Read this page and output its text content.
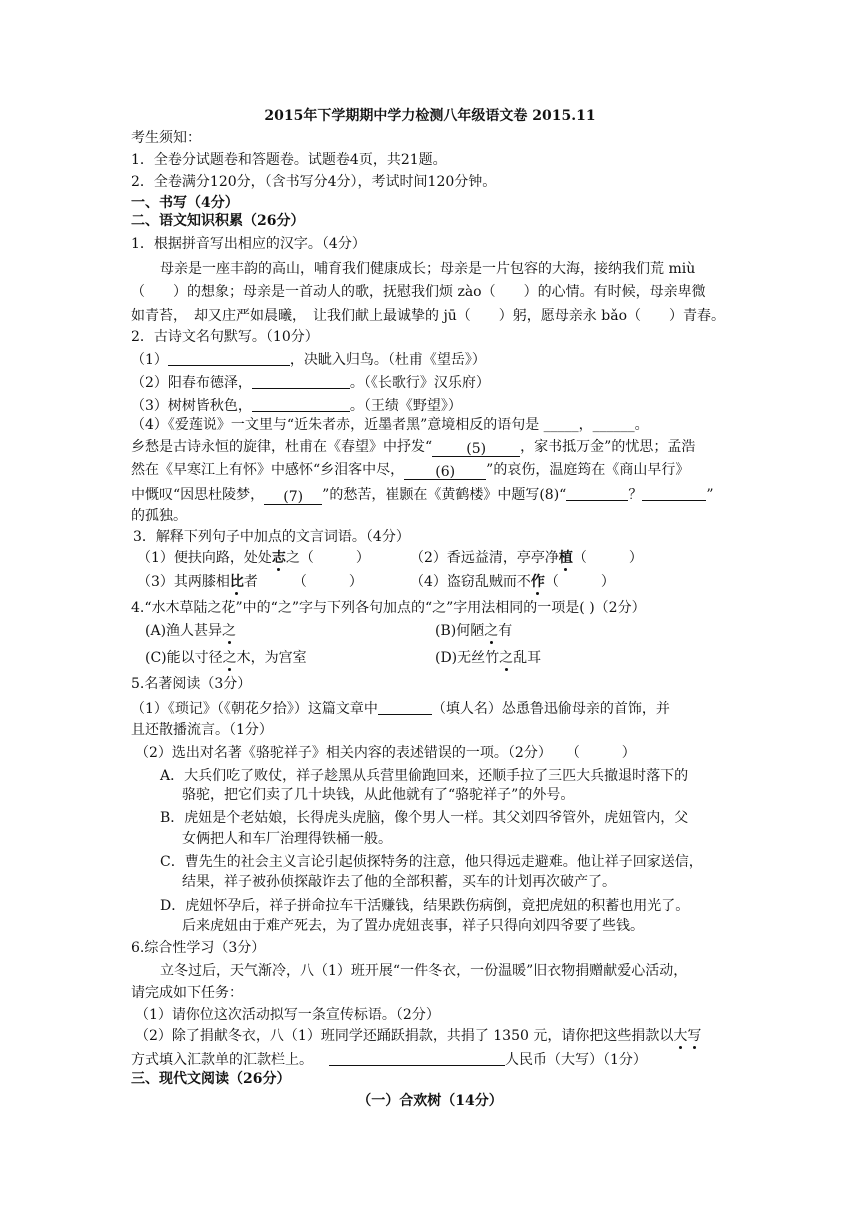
2015年下学期期中学力检测八年级语文卷 2015.11
考生须知：
1．全卷分试题卷和答题卷。试题卷4页，共21题。
2．全卷满分120分，（含书写分4分），考试时间120分钟。
一、书写（4分）
二、语文知识积累（26分）
1．根据拼音写出相应的汉字。（4分）
母亲是一座丰韵的高山，哺育我们健康成长；母亲是一片包容的大海，接纳我们荒 miù
（　　）的想象；母亲是一首动人的歌，抚慰我们烦 zào（　　）的心情。有时候，母亲卑微
如青苔，　却又庄严如晨曦，　让我们献上最诚挚的 jū（　　）躬，愿母亲永 bǎo（　　）青春。
2．古诗文名句默写。（10分）
（1）	，决眦入归鸟。（杜甫《望岳》）
（2）阳春布德泽，	。（《长歌行》汉乐府）
（3）树树皆秋色，	。（王绩《野望》）
（4）《爱莲说》一文里与“近朱者赤，近墨者黑”意境相反的语句是 _____，______。
乡愁是古诗永恒的旋律，杜甫在《春望》中抒发“ (5) ，家书抵万金”的忧思；孟浩
然在《早寒江上有怀》中感怀“乡泪客中尽， (6) ”的哀伤，温庭筠在《商山早行》
中慨叹“因思杜陵梦， (7) ”的愁苦，崔颢在《黄鹤楼》中题写(8)“	？	”
的孤独。
3．解释下列句子中加点的文言词语。（4分）
（1）便扶向路，处处志之（　　　）	（2）香远益清，亭亭净植（　　　）
（3）其两膝相比者　　　（　　　）	（4）盗窃乱贼而不作（　　　）
4.“水木草陆之花”中的“之”字与下列各句加点的“之”字用法相同的一项是( )（2分）
(A)渔人甚异之	(B)何陋之有
(C)能以寸径之木，为宫室	(D)无丝竹之乱耳
5.名著阅读（3分）
（1）《琐记》（《朝花夕拾》）这篇文章中	（填人名）怂恿鲁迅偷母亲的首饰，并
且还散播流言。（1分）
（2）选出对名著《骆驼祥子》相关内容的表述错误的一项。（2分）　　（　　　）
A．大兵们吃了败仗，祥子趁黑从兵营里偷跑回来，还顺手拉了三匹大兵撤退时落下的
骆驼，把它们卖了几十块钱，从此他就有了“骆驼祥子”的外号。
B．虎妞是个老姑娘，长得虎头虎脑，像个男人一样。其父刘四爷管外，虎妞管内，父
女俩把人和车厂治理得铁桶一般。
C．曹先生的社会主义言论引起侦探特务的注意，他只得远走避难。他让祥子回家送信，
结果，祥子被孙侦探敲诈去了他的全部积蓄，买车的计划再次破产了。
D．虎妞怀孕后，祥子拼命拉车干活赚钱，结果跌伤病倒，竟把虎妞的积蓄也用光了。
后来虎妞由于难产死去，为了置办虎妞丧事，祥子只得向刘四爷要了些钱。
6.综合性学习（3分）
立冬过后，天气渐冷，八（1）班开展“一件冬衣，一份温暖”旧衣物捐赠献爱心活动，
请完成如下任务：
（1）请你位这次活动拟写一条宣传标语。（2分）
（2）除了捐献冬衣，八（1）班同学还踊跃捐款，共捐了 1350 元，请你把这些捐款以大写
方式填入汇款单的汇款栏上。	人民币（大写）（1分）
三、现代文阅读（26分）
（一）合欢树（14分）
